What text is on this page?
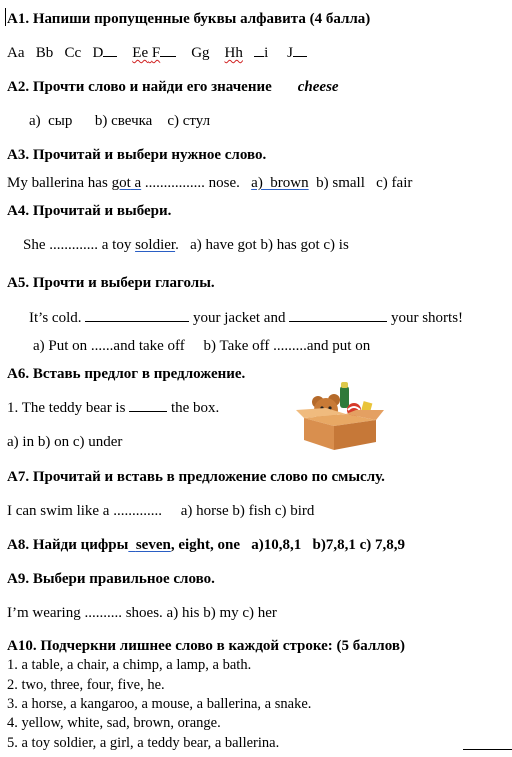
А1. Напиши пропущенные буквы алфавита (4 балла)
Aa Bb Cc D Ee F Gg Hh i J
А2. Прочти слово и найди его значение cheese
a)  сыр      b) свечка    c) стул
А3. Прочитай и выбери нужное слово.
My ballerina has got a ................ nose.   a)  brown  b) small   c) fair
А4. Прочитай и выбери.
She ............. a toy soldier.   a) have got b) has got c) is
А5. Прочти и выбери глаголы.
It’s cold.	your jacket and	your shorts!
a) Put on ......and take off     b) Take off .........and put on
А6. Вставь предлог в предложение.
1. The teddy bear is	the box.
a) in b) on c) under
А7. Прочитай и вставь в предложение слово по смыслу.
I can swim like a .............     a) horse b) fish c) bird
А8. Найди цифры seven, eight, one   a)10,8,1   b)7,8,1 c) 7,8,9
А9. Выбери правильное слово.
I’m wearing .......... shoes. a) his b) my c) her
А10. Подчеркни лишнее слово в каждой строке: (5 баллов)
1. a table, a chair, a chimp, a lamp, a bath.
2. two, three, four, five, he.
3. a horse, a kangaroo, a mouse, a ballerina, a snake.
4. yellow, white, sad, brown, orange.
5. a toy soldier, a girl, a teddy bear, a ballerina.
